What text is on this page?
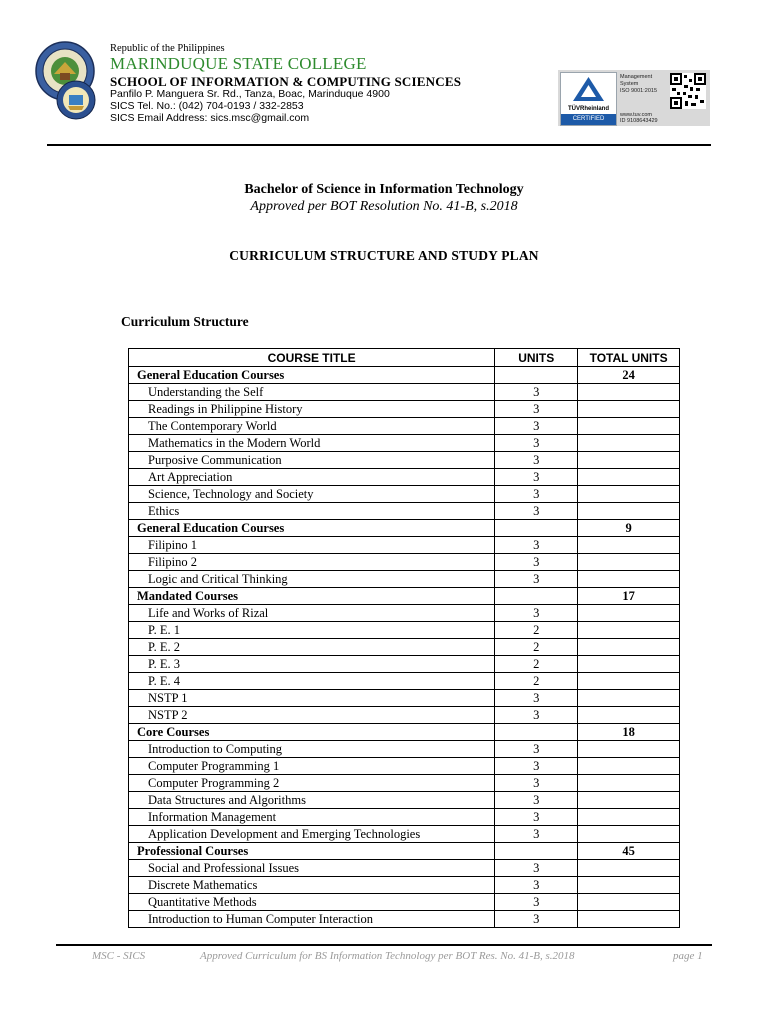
Republic of the Philippines
MARINDUQUE STATE COLLEGE
SCHOOL OF INFORMATION & COMPUTING SCIENCES
Panfilo P. Manguera Sr. Rd., Tanza, Boac, Marinduque 4900
SICS Tel. No.: (042) 704-0193 / 332-2853
SICS Email Address: sics.msc@gmail.com
TÜVRheinland
CERTIFIED
Management
System
ISO 9001:2015
www.tuv.com
ID 9108643429
Bachelor of Science in Information Technology
Approved per BOT Resolution No. 41-B, s.2018
CURRICULUM STRUCTURE AND STUDY PLAN
Curriculum Structure
COURSE TITLE	UNITS	TOTAL UNITS
General Education Courses		24
Understanding the Self	3	
Readings in Philippine History	3	
The Contemporary World	3	
Mathematics in the Modern World	3	
Purposive Communication	3	
Art Appreciation	3	
Science, Technology and Society	3	
Ethics	3	
General Education Courses		9
Filipino 1	3	
Filipino 2	3	
Logic and Critical Thinking	3	
Mandated Courses		17
Life and Works of Rizal	3	
P. E. 1	2	
P. E. 2	2	
P. E. 3	2	
P. E. 4	2	
NSTP 1	3	
NSTP 2	3	
Core Courses		18
Introduction to Computing	3	
Computer Programming 1	3	
Computer Programming 2	3	
Data Structures and Algorithms	3	
Information Management	3	
Application Development and Emerging Technologies	3	
Professional Courses		45
Social and Professional Issues	3	
Discrete Mathematics	3	
Quantitative Methods	3	
Introduction to Human Computer Interaction	3	
MSC - SICS	Approved Curriculum for BS Information Technology per BOT Res. No. 41-B, s.2018	page 1
